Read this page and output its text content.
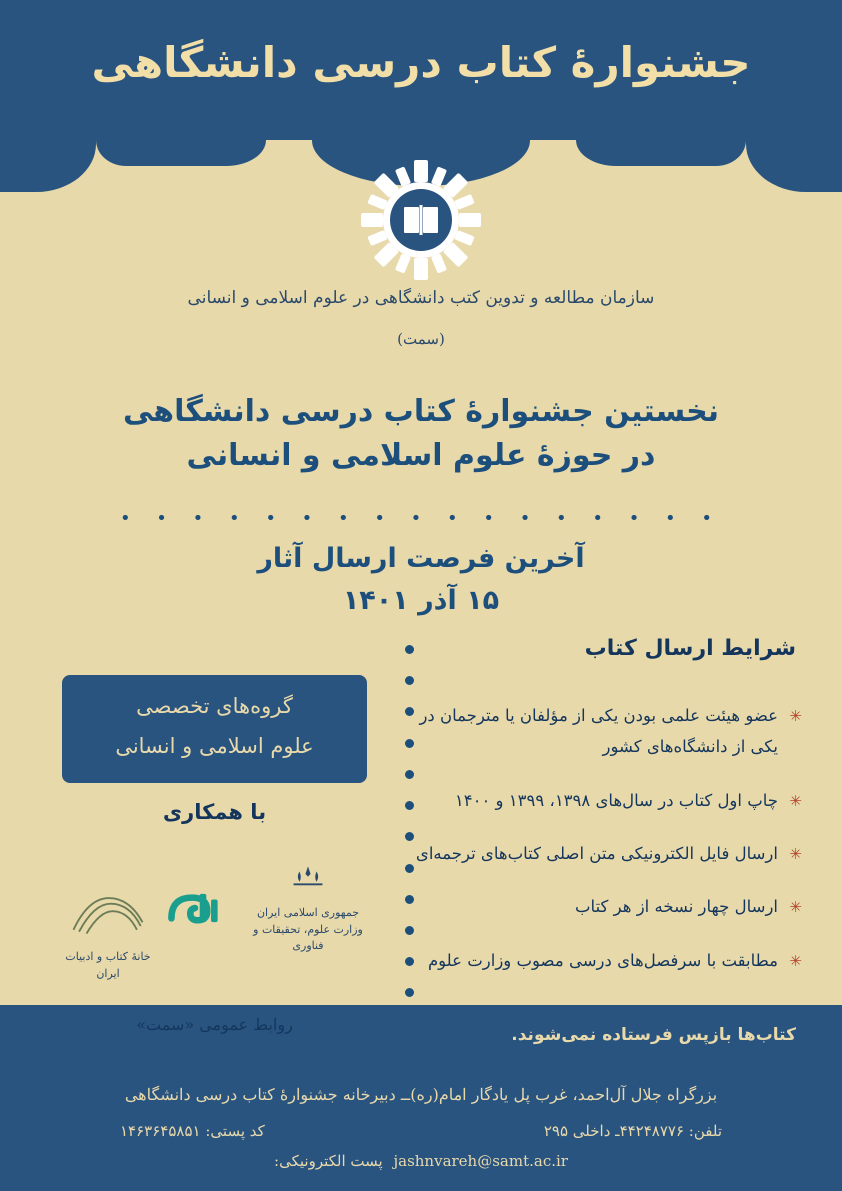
جشنوارهٔ کتاب درسی دانشگاهی
سازمان مطالعه و تدوین کتب دانشگاهی در علوم اسلامی و انسانی
(سمت)
نخستین جشنوارهٔ کتاب درسی دانشگاهی
در حوزهٔ علوم اسلامی و انسانی
• • • • • • • • • • • • • • • • •
آخرین فرصت ارسال آثار
۱۵ آذر ۱۴۰۱
شرایط ارسال کتاب
✳
عضو هیئت علمی بودن یکی از مؤلفان یا مترجمان در یکی از دانشگاه‌های کشور
✳
چاپ اول کتاب در سال‌های ۱۳۹۸، ۱۳۹۹ و ۱۴۰۰
✳
ارسال فایل الکترونیکی متن اصلی کتاب‌های ترجمه‌ای
✳
ارسال چهار نسخه از هر کتاب
✳
مطابقت با سرفصل‌های درسی مصوب وزارت علوم
کتاب‌ها بازپس فرستاده نمی‌شوند.
گروه‌های تخصصی
علوم اسلامی و انسانی
با همکاری
جمهوری اسلامی ایران
وزارت علوم، تحقیقات و فناوری
خانهٔ کتاب و ادبیات ایران
روابط عمومی «سمت»
بزرگراه جلال آل‌احمد، غرب پل یادگار امام(ره)ــ دبیرخانه جشنوارهٔ کتاب درسی دانشگاهی
تلفن: ۴۴۲۴۸۷۷۶ـ داخلی ۲۹۵
کد پستی: ۱۴۶۳۶۴۵۸۵۱
jashnvareh@samt.ac.ir پست الکترونیکی:
